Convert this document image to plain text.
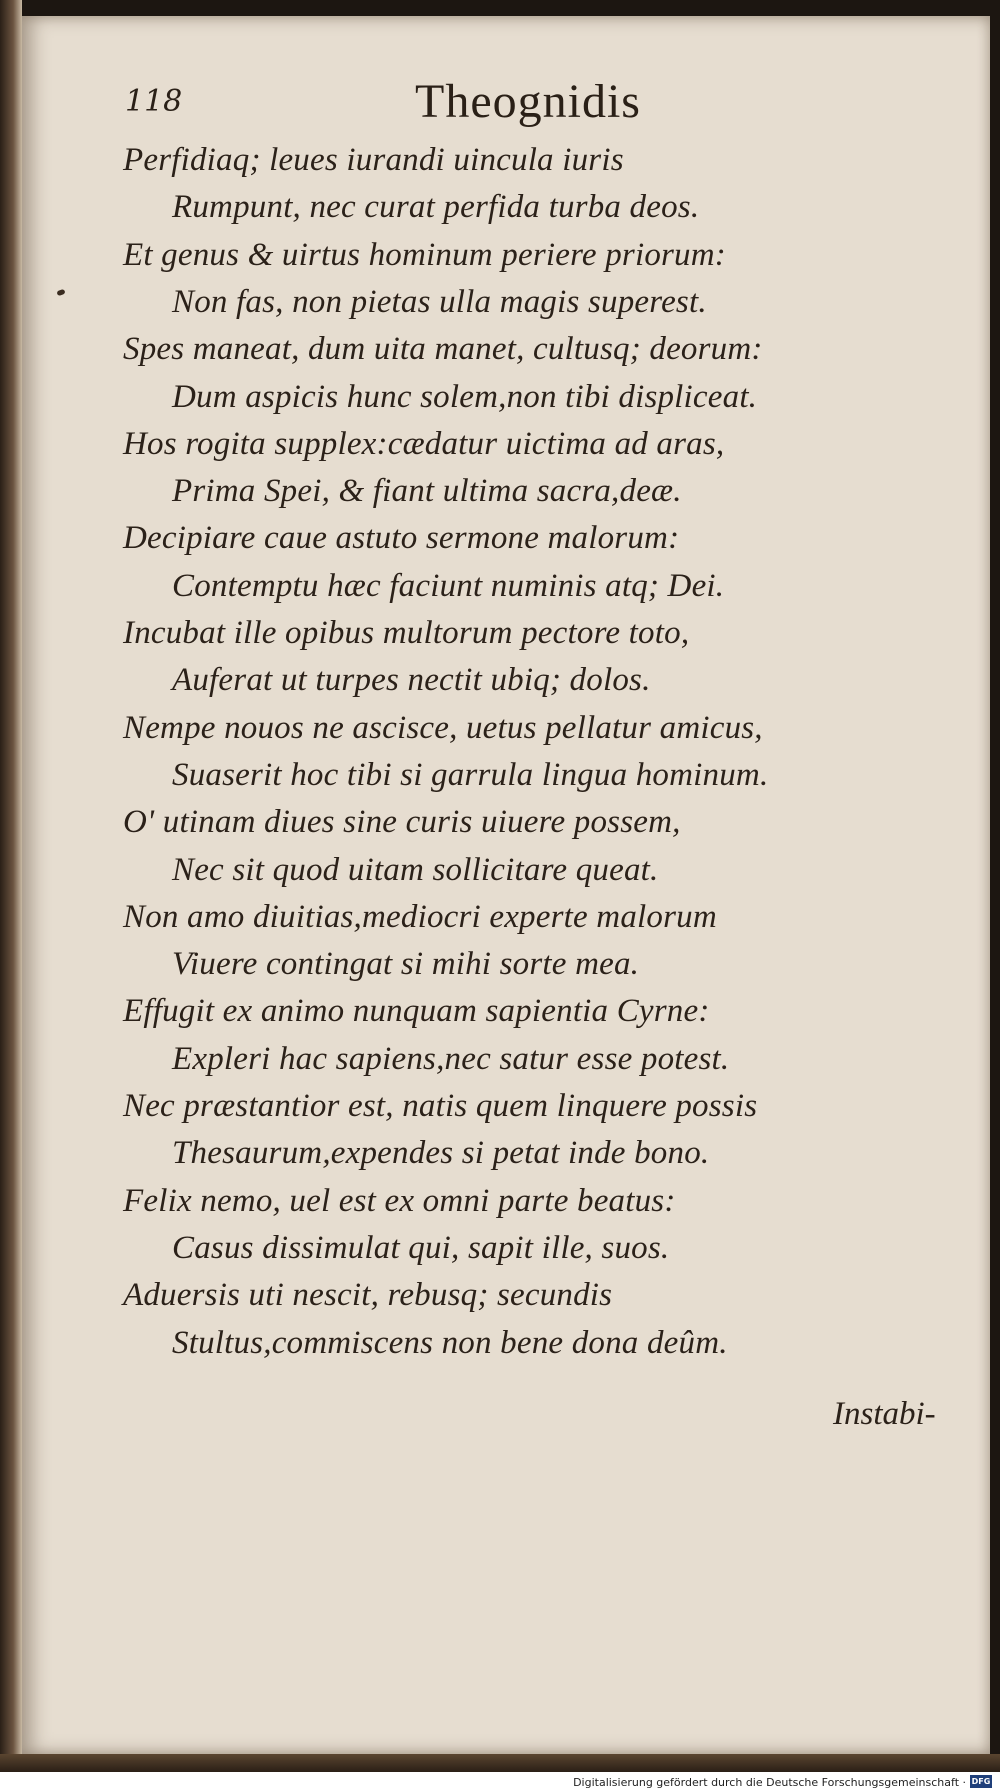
118	Theognidis
Perfidiaq; leues iurandi uincula iuris
Rumpunt, nec curat perfida turba deos.
Et genus & uirtus hominum periere priorum:
Non fas, non pietas ulla magis superest.
Spes maneat, dum uita manet, cultusq; deorum:
Dum aspicis hunc solem,non tibi displiceat.
Hos rogita supplex:cædatur uictima ad aras,
Prima Spei, & fiant ultima sacra,deæ.
Decipiare caue astuto sermone malorum:
Contemptu hæc faciunt numinis atq; Dei.
Incubat ille opibus multorum pectore toto,
Auferat ut turpes nectit ubiq; dolos.
Nempe nouos ne ascisce, uetus pellatur amicus,
Suaserit hoc tibi si garrula lingua hominum.
O' utinam diues sine curis uiuere possem,
Nec sit quod uitam sollicitare queat.
Non amo diuitias,mediocri experte malorum
Viuere contingat si mihi sorte mea.
Effugit ex animo nunquam sapientia Cyrne:
Expleri hac sapiens,nec satur esse potest.
Nec præstantior est, natis quem linquere possis
Thesaurum,expendes si petat inde bono.
Felix nemo, uel est ex omni parte beatus:
Casus dissimulat qui, sapit ille, suos.
Aduersis uti nescit, rebusq; secundis
Stultus,commiscens non bene dona deûm.
Instabi-
Digitalisierung gefördert durch die Deutsche Forschungsgemeinschaft · DFG
